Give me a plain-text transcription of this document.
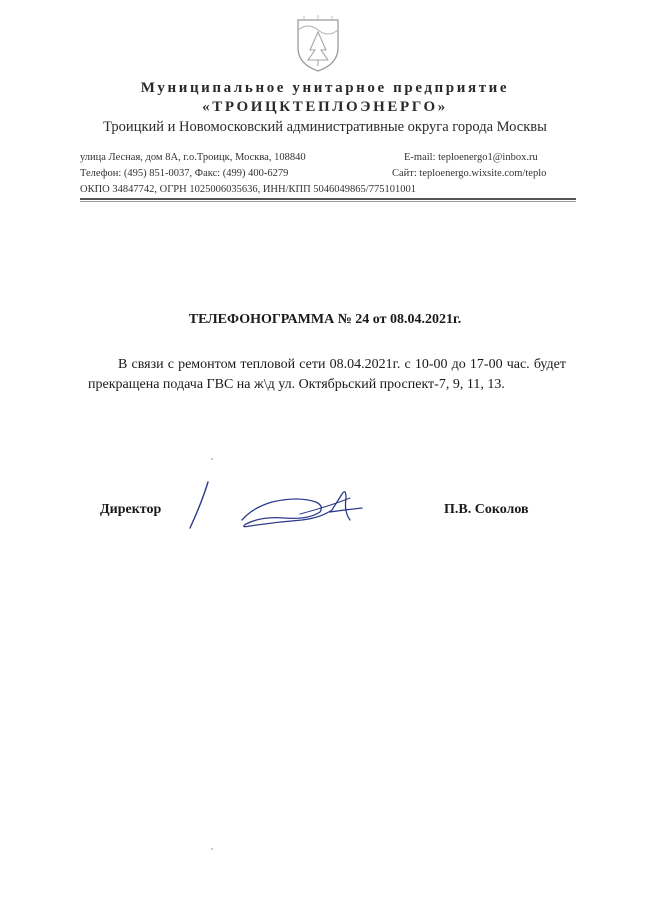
Муниципальное унитарное предприятие
«ТРОИЦКТЕПЛОЭНЕРГО»
Троицкий и Новомосковский административные округа города Москвы
улица Лесная, дом 8А, г.о.Троицк, Москва, 108840
Телефон: (495) 851-0037, Факс: (499) 400-6279
ОКПО 34847742, ОГРН 1025006035636, ИНН/КПП 5046049865/775101001
E-mail: teploenergo1@inbox.ru
Сайт: teploenergo.wixsite.com/teplo
ТЕЛЕФОНОГРАММА № 24 от 08.04.2021г.

В связи с ремонтом тепловой сети 08.04.2021г. с 10-00 до 17-00 час. будет прекращена подача ГВС на ж\д ул. Октябрьский проспект-7, 9, 11, 13.

Директор	П.В. Соколов
